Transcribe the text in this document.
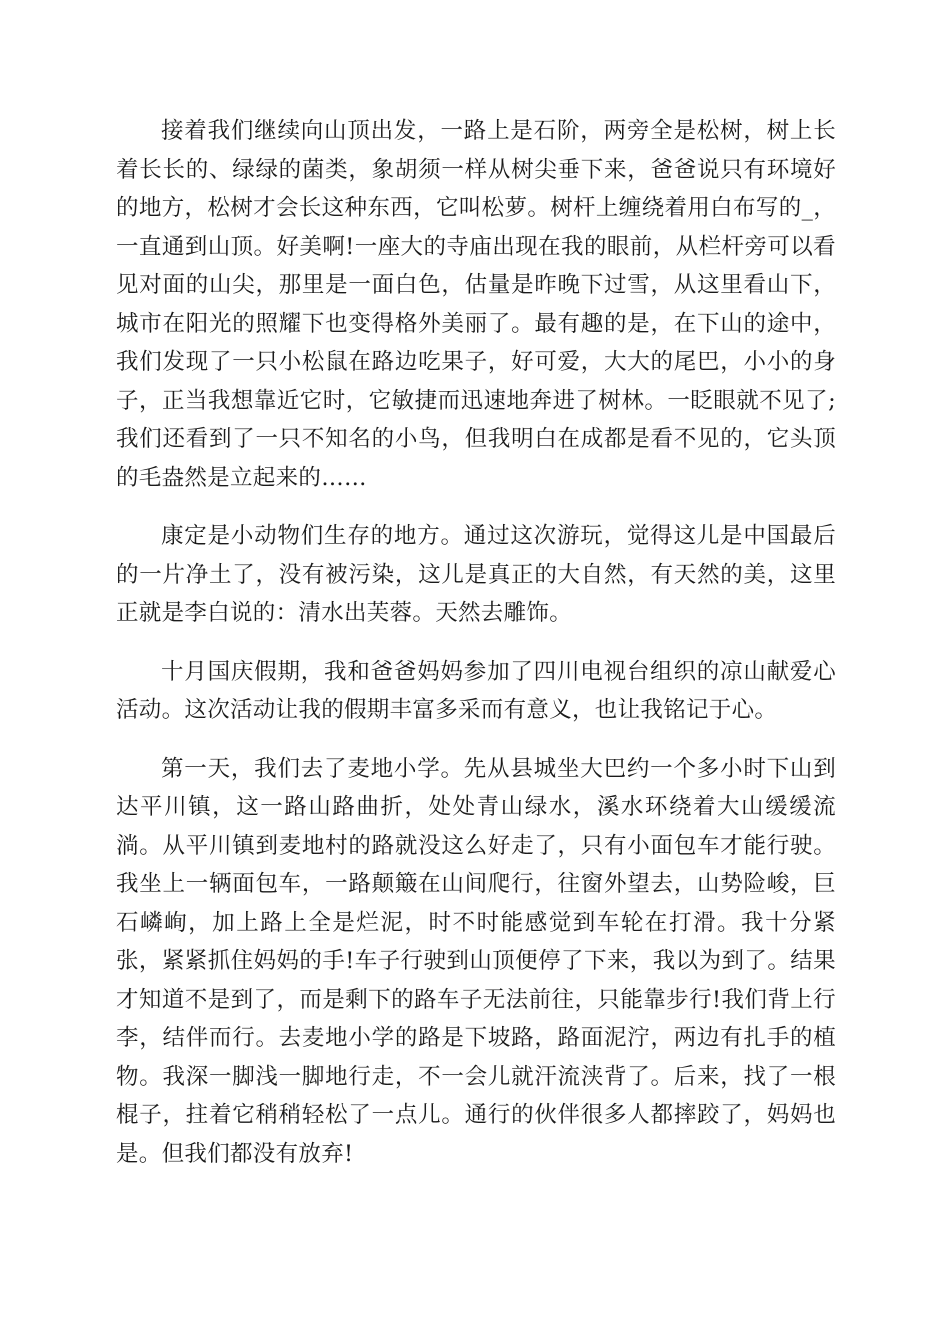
接着我们继续向山顶出发，一路上是石阶，两旁全是松树，树上长着长长的、绿绿的菌类，象胡须一样从树尖垂下来，爸爸说只有环境好的地方，松树才会长这种东西，它叫松萝。树杆上缠绕着用白布写的_，一直通到山顶。好美啊!一座大的寺庙出现在我的眼前，从栏杆旁可以看见对面的山尖，那里是一面白色，估量是昨晚下过雪，从这里看山下，城市在阳光的照耀下也变得格外美丽了。最有趣的是，在下山的途中，我们发现了一只小松鼠在路边吃果子，好可爱，大大的尾巴，小小的身子，正当我想靠近它时，它敏捷而迅速地奔进了树林。一眨眼就不见了;我们还看到了一只不知名的小鸟，但我明白在成都是看不见的，它头顶的毛盎然是立起来的……

康定是小动物们生存的地方。通过这次游玩，觉得这儿是中国最后的一片净土了，没有被污染，这儿是真正的大自然，有天然的美，这里正就是李白说的：清水出芙蓉。天然去雕饰。

十月国庆假期，我和爸爸妈妈参加了四川电视台组织的凉山献爱心活动。这次活动让我的假期丰富多采而有意义，也让我铭记于心。

第一天，我们去了麦地小学。先从县城坐大巴约一个多小时下山到达平川镇，这一路山路曲折，处处青山绿水，溪水环绕着大山缓缓流淌。从平川镇到麦地村的路就没这么好走了，只有小面包车才能行驶。我坐上一辆面包车，一路颠簸在山间爬行，往窗外望去，山势险峻，巨石嶙峋，加上路上全是烂泥，时不时能感觉到车轮在打滑。我十分紧张，紧紧抓住妈妈的手!车子行驶到山顶便停了下来，我以为到了。结果才知道不是到了，而是剩下的路车子无法前往，只能靠步行!我们背上行李，结伴而行。去麦地小学的路是下坡路，路面泥泞，两边有扎手的植物。我深一脚浅一脚地行走，不一会儿就汗流浃背了。后来，找了一根棍子，拄着它稍稍轻松了一点儿。通行的伙伴很多人都摔跤了，妈妈也是。但我们都没有放弃!
